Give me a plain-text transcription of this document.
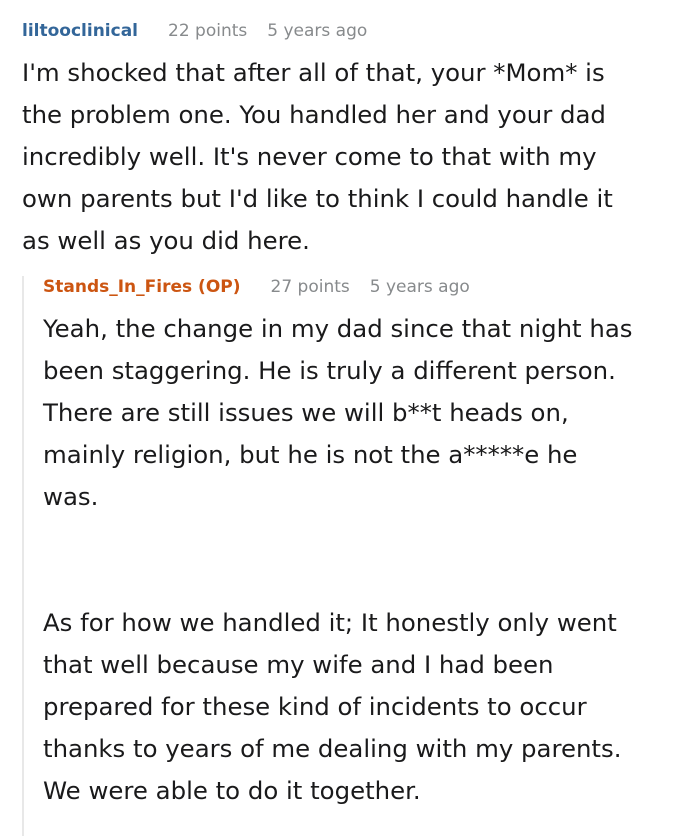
liltooclinical 22 points 5 years ago

I'm shocked that after all of that, your *Mom* is

the problem one. You handled her and your dad

incredibly well. It's never come to that with my

own parents but I'd like to think I could handle it

as well as you did here.

Stands_In_Fires (OP) 27 points 5 years ago

Yeah, the change in my dad since that night has

been staggering. He is truly a different person.

There are still issues we will b**t heads on,

mainly religion, but he is not the a*****e he

was.

As for how we handled it; It honestly only went

that well because my wife and I had been

prepared for these kind of incidents to occur

thanks to years of me dealing with my parents.

We were able to do it together.
